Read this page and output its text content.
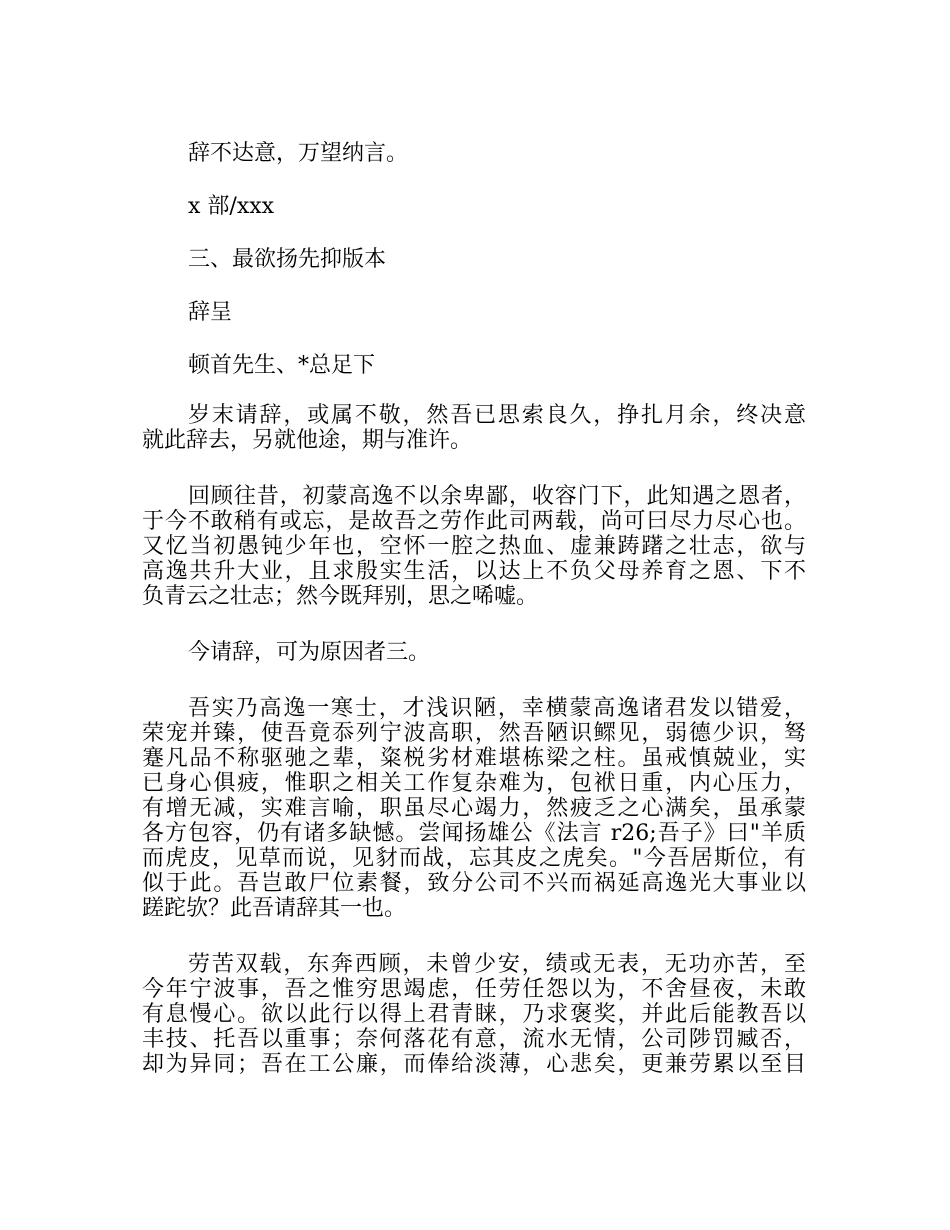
辞不达意，万望纳言。
x 部/xxx
三、最欲扬先抑版本
辞呈
顿首先生、*总足下
岁末请辞，或属不敬，然吾已思索良久，挣扎月余，终决意
就此辞去，另就他途，期与准许。
回顾往昔，初蒙高逸不以余卑鄙，收容门下，此知遇之恩者，
于今不敢稍有或忘，是故吾之劳作此司两载，尚可曰尽力尽心也。
又忆当初愚钝少年也，空怀一腔之热血、虚兼踌躇之壮志，欲与
高逸共升大业，且求殷实生活，以达上不负父母养育之恩、下不
负青云之壮志；然今既拜别，思之唏嘘。
今请辞，可为原因者三。
吾实乃高逸一寒士，才浅识陋，幸横蒙高逸诸君发以错爱，
荣宠并臻，使吾竟忝列宁波高职，然吾陋识鳏见，弱德少识，驽
蹇凡品不称驱驰之辈，粢棁劣材难堪栋梁之柱。虽戒慎兢业，实
已身心俱疲，惟职之相关工作复杂难为，包袱日重，内心压力，
有增无减，实难言喻，职虽尽心竭力，然疲乏之心满矣，虽承蒙
各方包容，仍有诸多缺憾。尝闻扬雄公《法言 r26;吾子》曰"羊质
而虎皮，见草而说，见豺而战，忘其皮之虎矣。"今吾居斯位，有
似于此。吾岂敢尸位素餐，致分公司不兴而祸延高逸光大事业以
蹉跎欤？此吾请辞其一也。
劳苦双载，东奔西顾，未曾少安，绩或无表，无功亦苦，至
今年宁波事，吾之惟穷思竭虑，任劳任怨以为，不舍昼夜，未敢
有息慢心。欲以此行以得上君青睐，乃求褒奖，并此后能教吾以
丰技、托吾以重事；奈何落花有意，流水无情，公司陟罚臧否，
却为异同；吾在工公廉，而俸给淡薄，心悲矣，更兼劳累以至目
